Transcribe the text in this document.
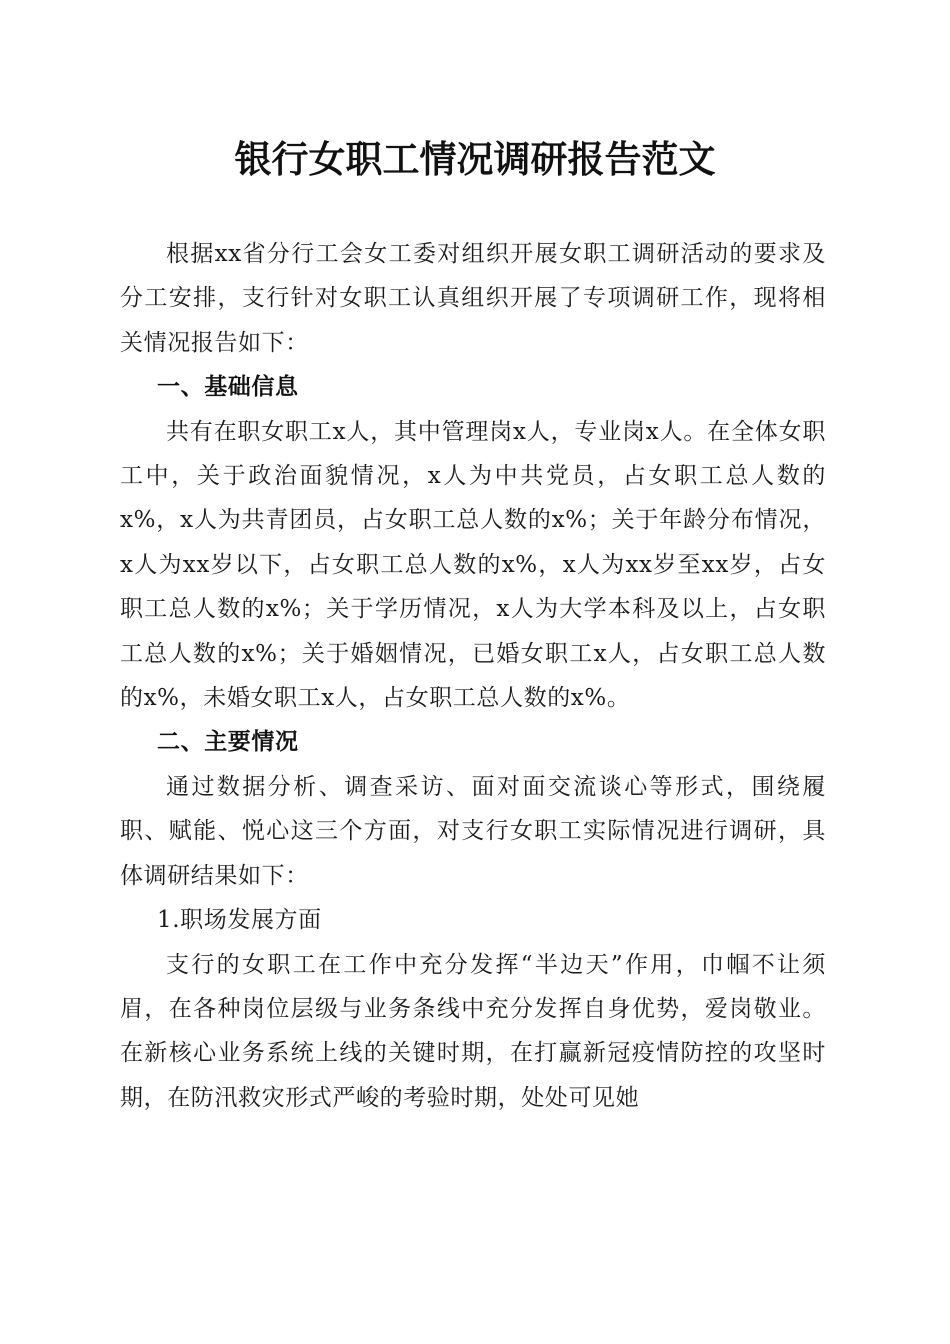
银行女职工情况调研报告范文

根据xx省分行工会女工委对组织开展女职工调研活动的要求及分工安排，支行针对女职工认真组织开展了专项调研工作，现将相关情况报告如下：

一、基础信息

共有在职女职工x人，其中管理岗x人，专业岗x人。在全体女职工中，关于政治面貌情况，x人为中共党员，占女职工总人数的x%，x人为共青团员，占女职工总人数的x%；关于年龄分布情况，x人为xx岁以下，占女职工总人数的x%，x人为xx岁至xx岁，占女职工总人数的x%；关于学历情况，x人为大学本科及以上，占女职工总人数的x%；关于婚姻情况，已婚女职工x人，占女职工总人数的x%，未婚女职工x人，占女职工总人数的x%。

二、主要情况

通过数据分析、调查采访、面对面交流谈心等形式，围绕履职、赋能、悦心这三个方面，对支行女职工实际情况进行调研，具体调研结果如下：

1.职场发展方面

支行的女职工在工作中充分发挥“半边天”作用，巾帼不让须眉，在各种岗位层级与业务条线中充分发挥自身优势，爱岗敬业。在新核心业务系统上线的关键时期，在打赢新冠疫情防控的攻坚时期，在防汛救灾形式严峻的考验时期，处处可见她
